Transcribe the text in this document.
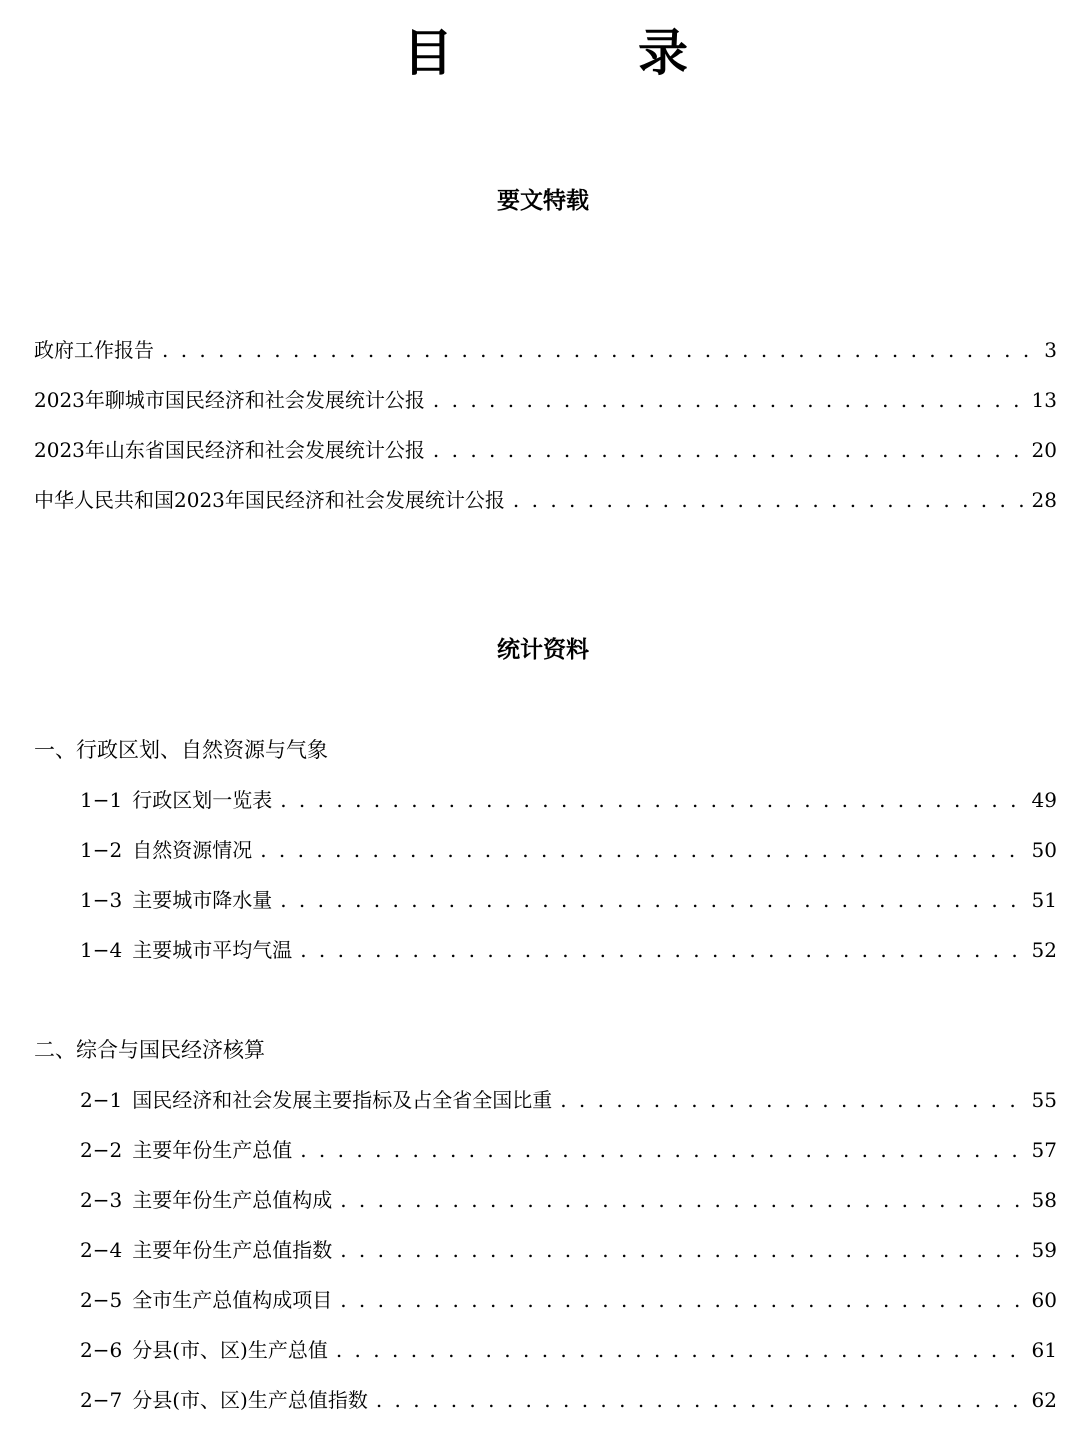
目	录
要文特载
政府工作报告 . . .	3
2023年聊城市国民经济和社会发展统计公报 . . .	13
2023年山东省国民经济和社会发展统计公报 . . .	20
中华人民共和国2023年国民经济和社会发展统计公报 . . .	28
统计资料
一、行政区划、自然资源与气象
1−1 行政区划一览表 . . .	49
1−2 自然资源情况 . . .	50
1−3 主要城市降水量 . . .	51
1−4 主要城市平均气温 . . .	52
二、综合与国民经济核算
2−1 国民经济和社会发展主要指标及占全省全国比重 . . .	55
2−2 主要年份生产总值 . . .	57
2−3 主要年份生产总值构成 . . .	58
2−4 主要年份生产总值指数 . . .	59
2−5 全市生产总值构成项目 . . .	60
2−6 分县(市、区)生产总值 . . .	61
2−7 分县(市、区)生产总值指数 . . .	62
